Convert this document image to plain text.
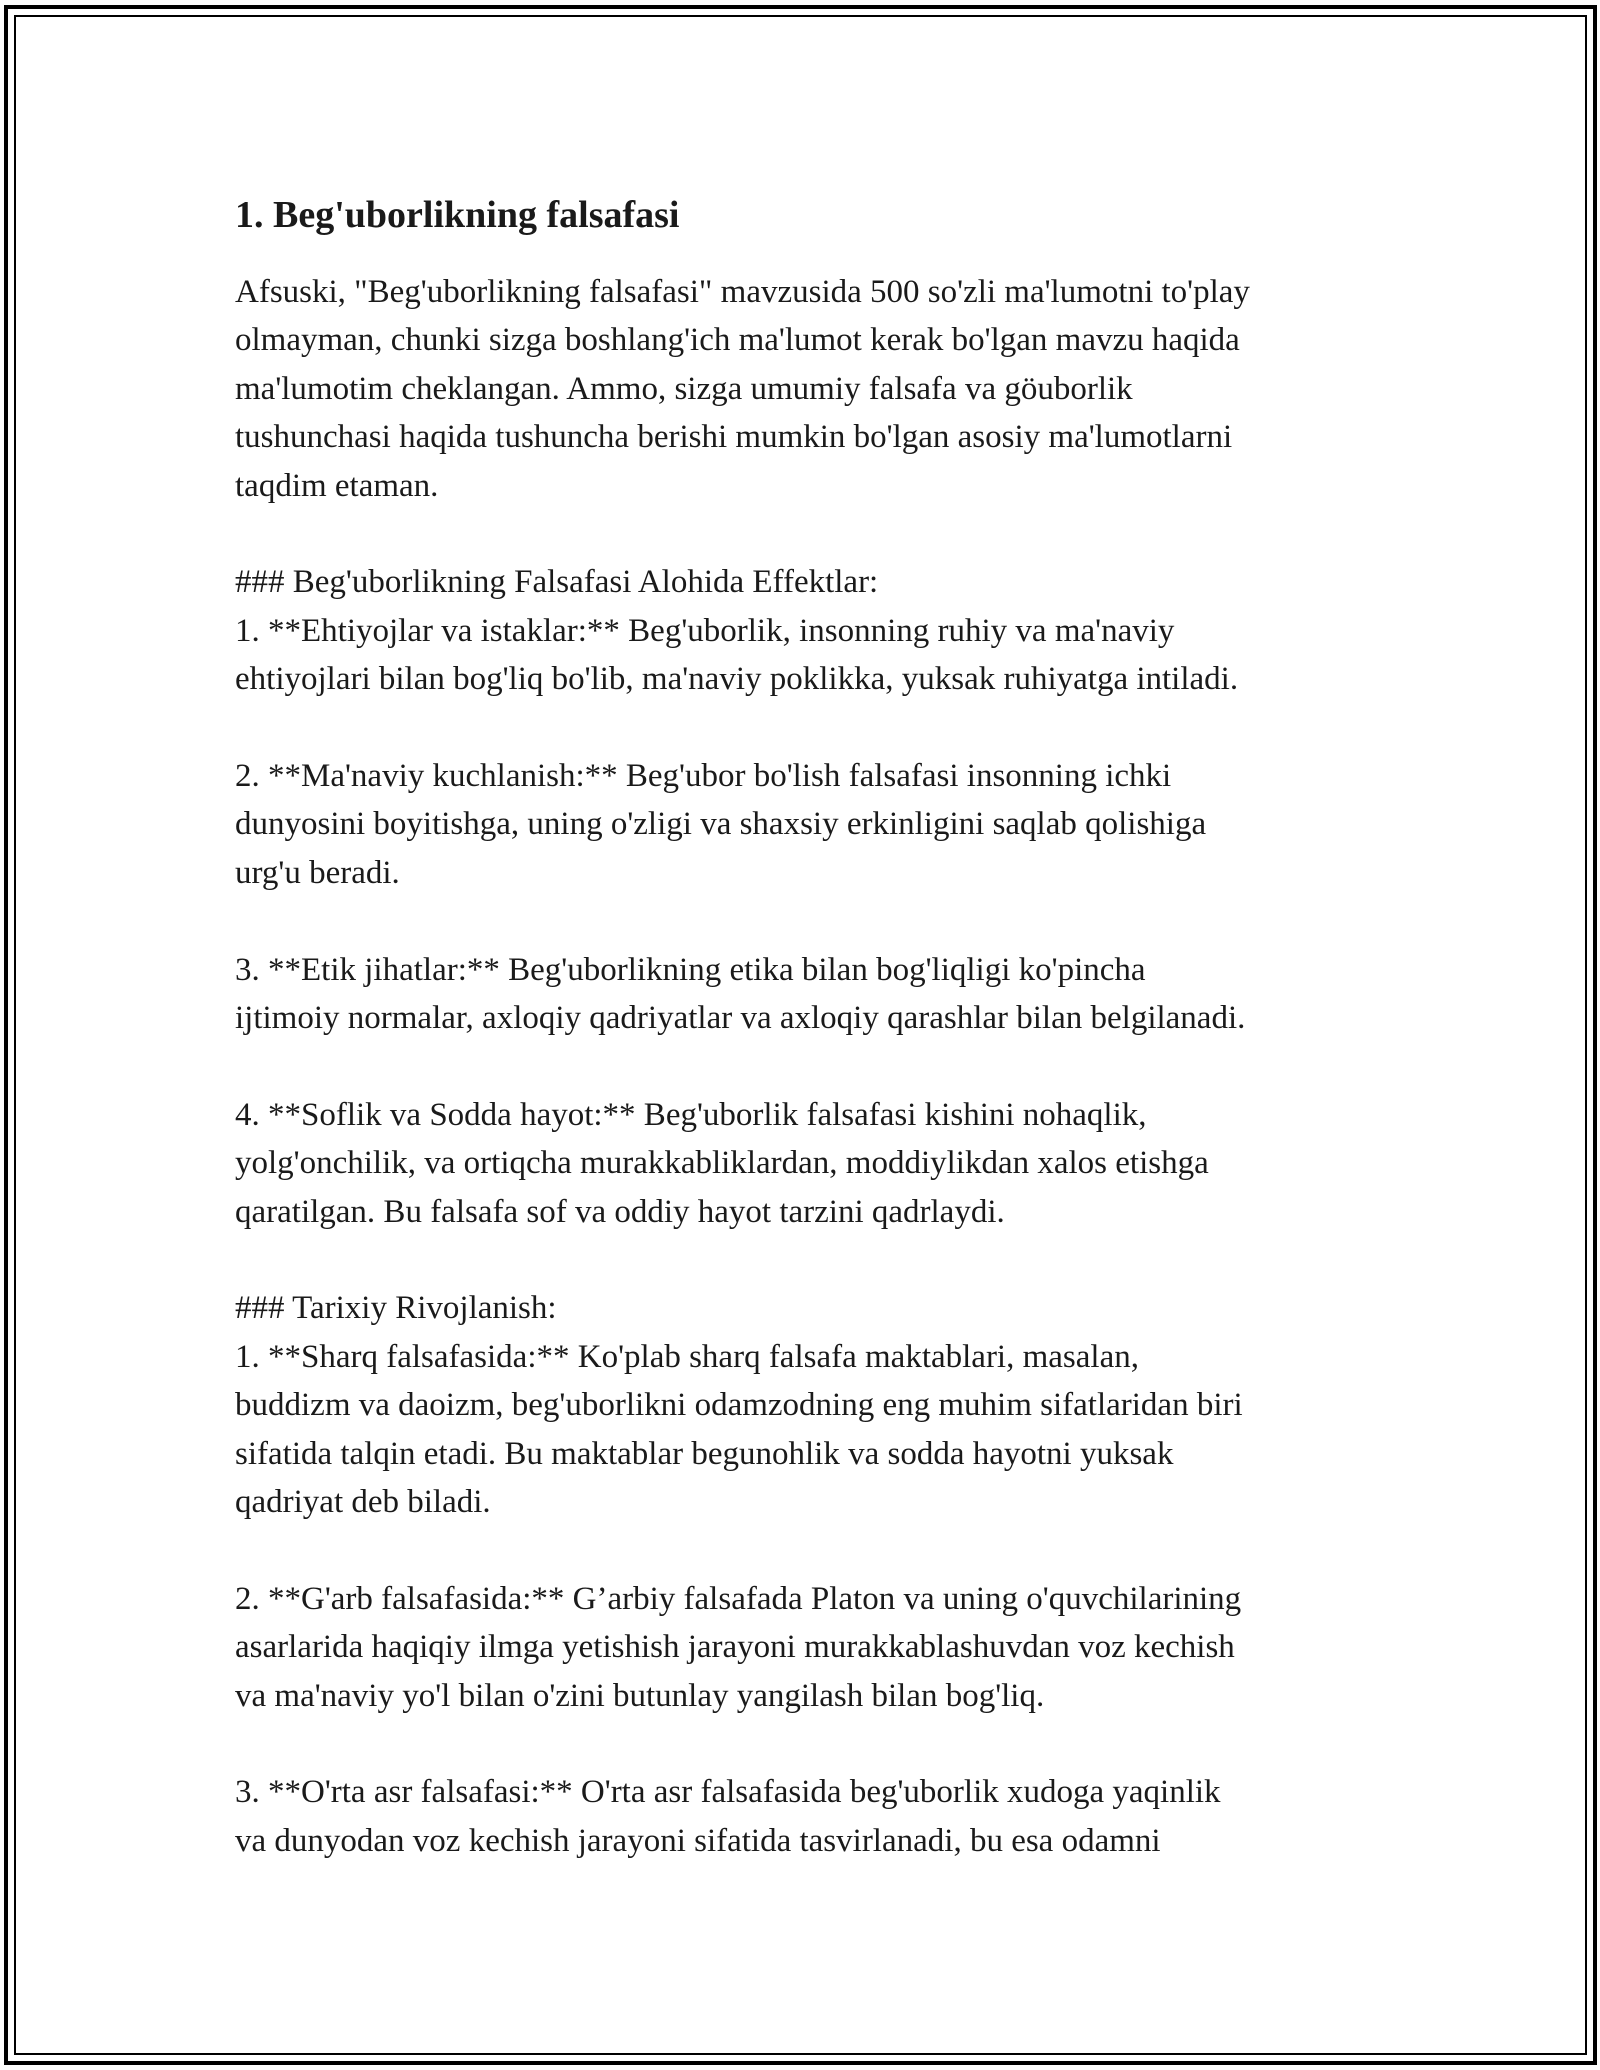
1. Beg'uborlikning falsafasi

Afsuski, "Beg'uborlikning falsafasi" mavzusida 500 so'zli ma'lumotni to'play
olmayman, chunki sizga boshlang'ich ma'lumot kerak bo'lgan mavzu haqida
ma'lumotim cheklangan. Ammo, sizga umumiy falsafa va göuborlik
tushunchasi haqida tushuncha berishi mumkin bo'lgan asosiy ma'lumotlarni
taqdim etaman.

### Beg'uborlikning Falsafasi Alohida Effektlar:

1. **Ehtiyojlar va istaklar:** Beg'uborlik, insonning ruhiy va ma'naviy
ehtiyojlari bilan bog'liq bo'lib, ma'naviy poklikka, yuksak ruhiyatga intiladi.

2. **Ma'naviy kuchlanish:** Beg'ubor bo'lish falsafasi insonning ichki
dunyosini boyitishga, uning o'zligi va shaxsiy erkinligini saqlab qolishiga
urg'u beradi.

3. **Etik jihatlar:** Beg'uborlikning etika bilan bog'liqligi ko'pincha
ijtimoiy normalar, axloqiy qadriyatlar va axloqiy qarashlar bilan belgilanadi.

4. **Soflik va Sodda hayot:** Beg'uborlik falsafasi kishini nohaqlik,
yolg'onchilik, va ortiqcha murakkabliklardan, moddiylikdan xalos etishga
qaratilgan. Bu falsafa sof va oddiy hayot tarzini qadrlaydi.

### Tarixiy Rivojlanish:

1. **Sharq falsafasida:** Ko'plab sharq falsafa maktablari, masalan,
buddizm va daoizm, beg'uborlikni odamzodning eng muhim sifatlaridan biri
sifatida talqin etadi. Bu maktablar begunohlik va sodda hayotni yuksak
qadriyat deb biladi.

2. **G'arb falsafasida:** G’arbiy falsafada Platon va uning o'quvchilarining
asarlarida haqiqiy ilmga yetishish jarayoni murakkablashuvdan voz kechish
va ma'naviy yo'l bilan o'zini butunlay yangilash bilan bog'liq.

3. **O'rta asr falsafasi:** O'rta asr falsafasida beg'uborlik xudoga yaqinlik
va dunyodan voz kechish jarayoni sifatida tasvirlanadi, bu esa odamni
